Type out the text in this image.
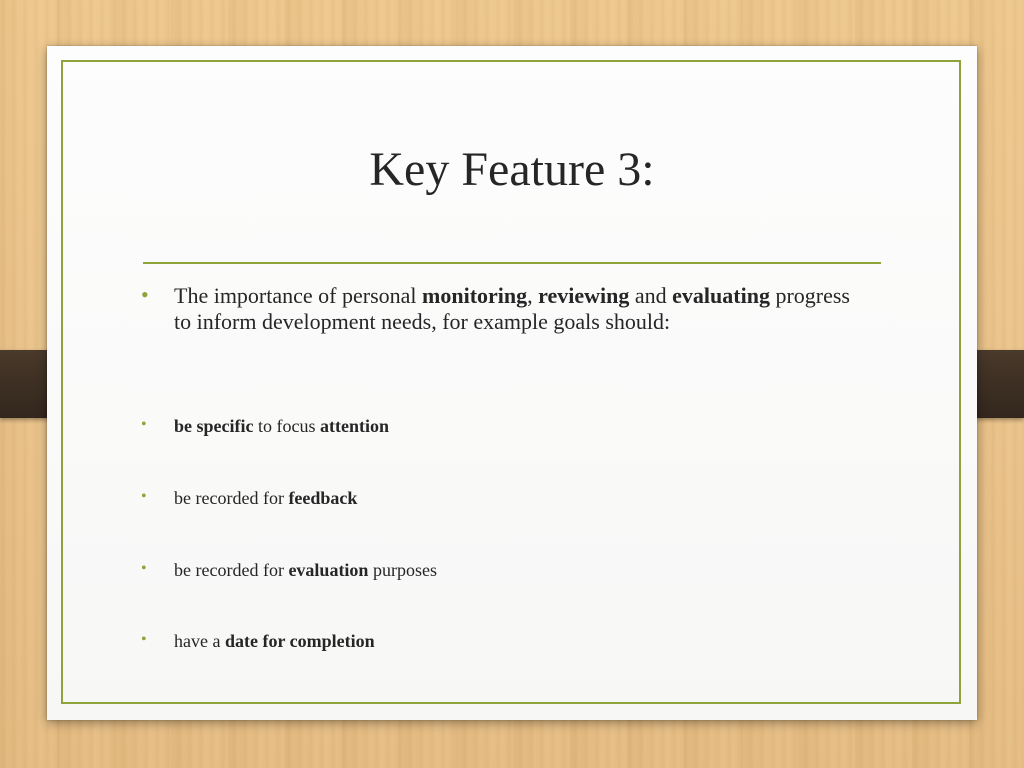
Key Feature 3:
•	The importance of personal monitoring, reviewing and evaluating progress to inform development needs, for example goals should:
•	be specific to focus attention
•	be recorded for feedback
•	be recorded for evaluation purposes
•	have a date for completion
